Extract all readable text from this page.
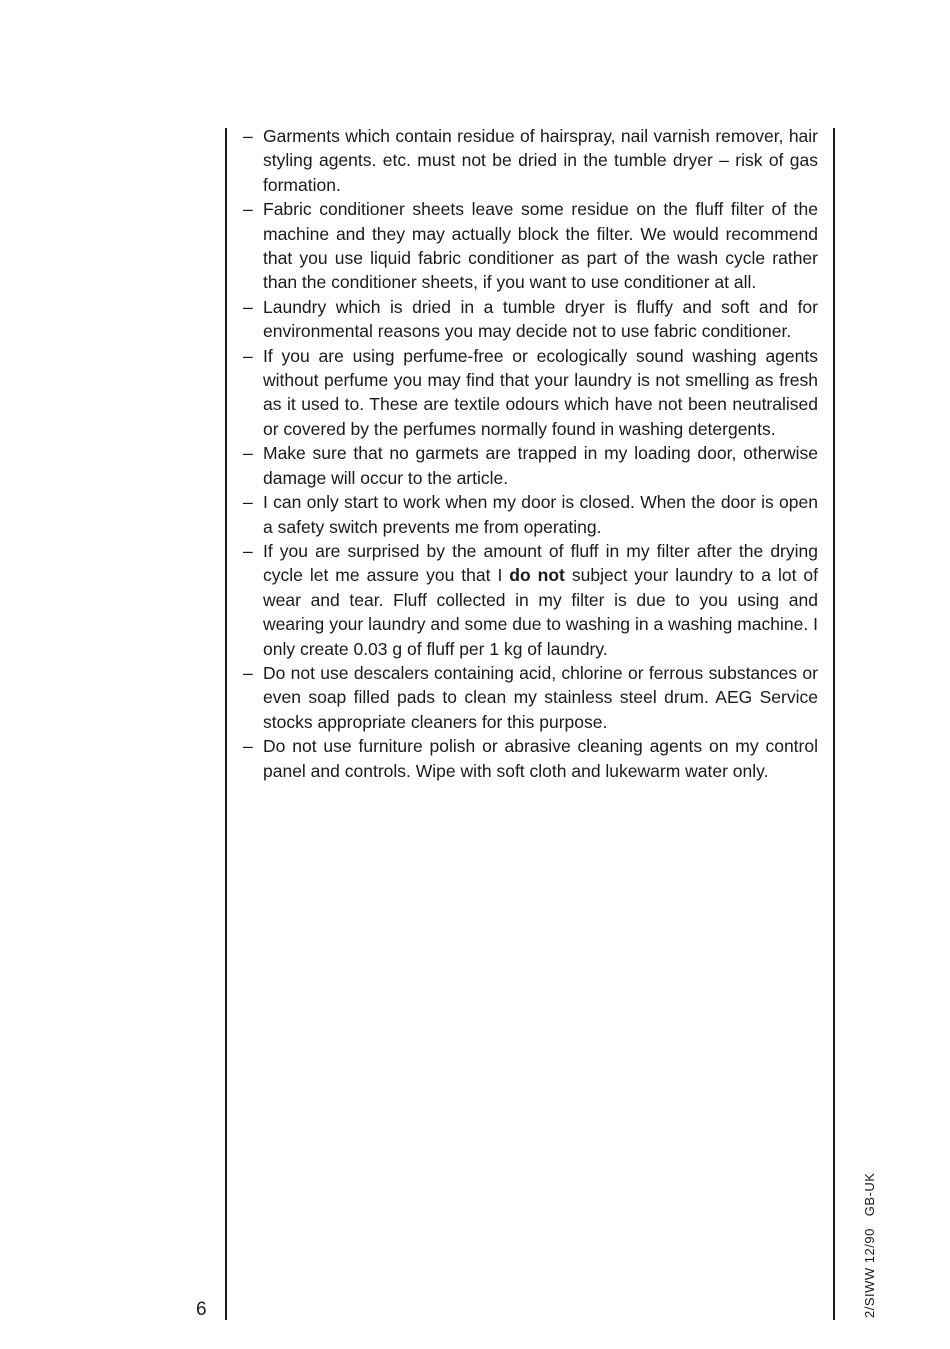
– Garments which contain residue of hairspray, nail varnish remover, hair styling agents. etc. must not be dried in the tumble dryer – risk of gas formation.
– Fabric conditioner sheets leave some residue on the fluff filter of the machine and they may actually block the filter. We would recommend that you use liquid fabric conditioner as part of the wash cycle rather than the conditioner sheets, if you want to use conditioner at all.
– Laundry which is dried in a tumble dryer is fluffy and soft and for environmental reasons you may decide not to use fabric conditioner.
– If you are using perfume-free or ecologically sound washing agents without perfume you may find that your laundry is not smelling as fresh as it used to. These are textile odours which have not been neutralised or covered by the perfumes normally found in washing detergents.
– Make sure that no garmets are trapped in my loading door, otherwise damage will occur to the article.
– I can only start to work when my door is closed. When the door is open a safety switch prevents me from operating.
– If you are surprised by the amount of fluff in my filter after the drying cycle let me assure you that I do not subject your laundry to a lot of wear and tear. Fluff collected in my filter is due to you using and wearing your laundry and some due to washing in a washing machine. I only create 0.03 g of fluff per 1 kg of laundry.
– Do not use descalers containing acid, chlorine or ferrous substances or even soap filled pads to clean my stainless steel drum. AEG Service stocks appropriate cleaners for this purpose.
– Do not use furniture polish or abrasive cleaning agents on my control panel and controls. Wipe with soft cloth and lukewarm water only.
6	2/SIWW 12/90GB-UK
